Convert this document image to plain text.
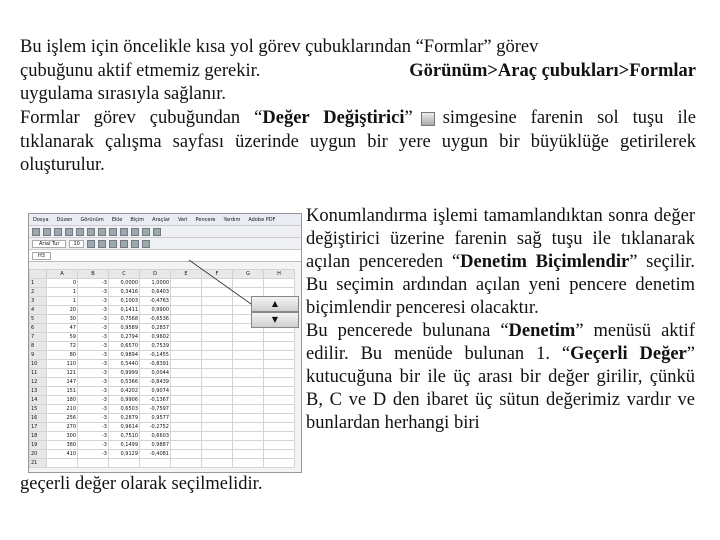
Bu işlem için öncelikle kısa yol görev çubuklarından “Formlar” görev
çubuğunu aktif etmemiz gerekir.	Görünüm>Araç çubukları>Formlar
uygulama sırasıyla sağlanır.
Formlar görev çubuğundan “Değer Değiştirici” simgesine farenin sol tuşu ile tıklanarak çalışma sayfası üzerinde uygun bir yere uygun bir büyüklüğe getirilerek oluşturulur.
Dosya Düzen Görünüm Ekle Biçim Araçlar Veri Pencere Yardım Adobe PDF
Arial Tur	10
H3
	A	B	C	D	E	F	G	H
1	0	-3	0,0000	1,0000				
2	1	-3	0,3416	0,6403				
3	1	-3	0,1003	-0,4763				
4	20	-3	0,1411	0,9900				
5	30	-3	0,7568	-0,6536				
6	47	-3	0,9589	0,2837				
7	59	-3	0,2794	0,9602				
8	72	-3	0,6570	0,7539				
9	80	-3	0,9894	-0,1455				
10	110	-3	0,5440	-0,8391				
11	121	-3	0,9999	0,0044				
12	147	-3	0,5366	-0,8439				
13	151	-3	0,4202	0,9074				
14	180	-3	0,9906	-0,1367				
15	210	-3	0,6503	-0,7597				
16	256	-3	0,2879	0,9577				
17	270	-3	0,9614	-0,2752				
18	300	-3	0,7510	0,6603				
19	380	-3	0,1499	0,9887				
20	410	-3	0,9129	-0,4081				
21								
▲
▼
Konumlandırma işlemi tamamlandıktan sonra değer değiştirici üzerine farenin sağ tuşu ile tıklanarak açılan pencereden “Denetim Biçimlendir” seçilir. Bu seçimin ardından açılan yeni pencere denetim biçimlendir penceresi olacaktır.
Bu pencerede bulunana “Denetim” menüsü aktif edilir. Bu menüde bulunan 1. “Geçerli Değer” kutucuğuna bir ile üç arası bir değer girilir, çünkü B, C ve D den ibaret üç sütun değerimiz vardır ve bunlardan herhangi biri
geçerli değer olarak seçilmelidir.
